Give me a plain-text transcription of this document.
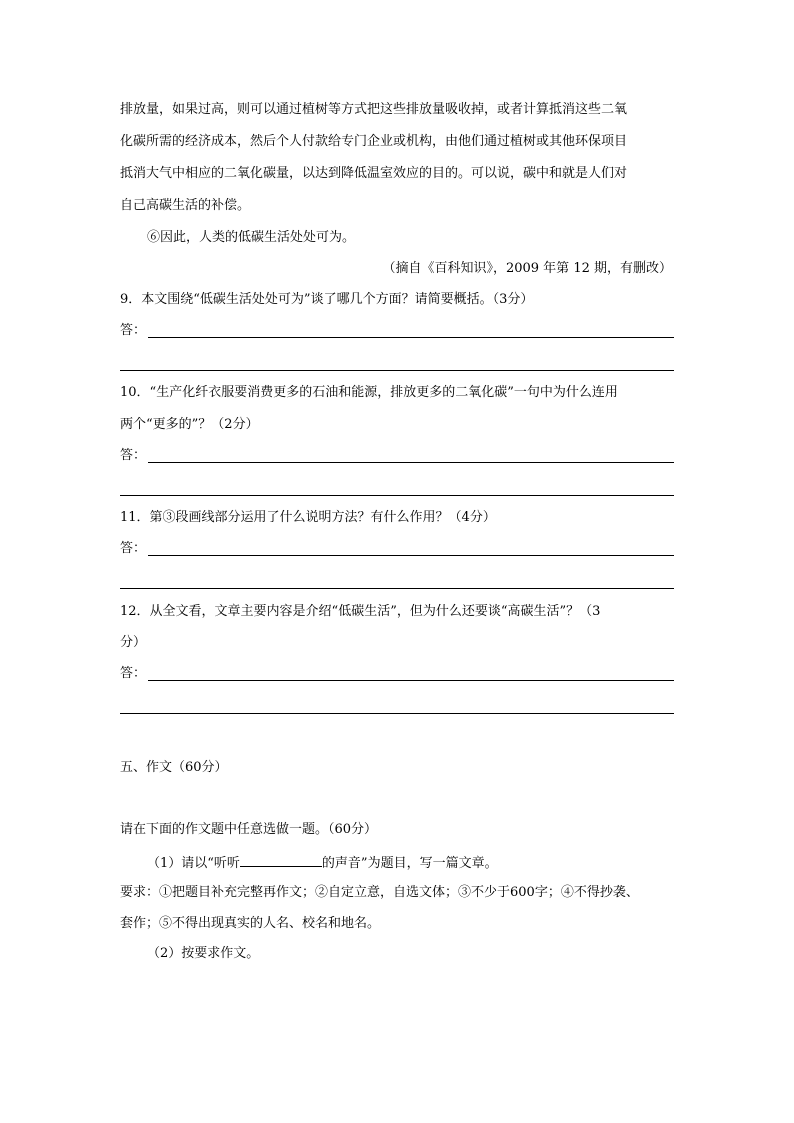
排放量，如果过高，则可以通过植树等方式把这些排放量吸收掉，或者计算抵消这些二氧
化碳所需的经济成本，然后个人付款给专门企业或机构，由他们通过植树或其他环保项目
抵消大气中相应的二氧化碳量，以达到降低温室效应的目的。可以说，碳中和就是人们对
自己高碳生活的补偿。
⑥因此，人类的低碳生活处处可为。
（摘自《百科知识》，2009 年第 12 期，有删改）
9．本文围绕“低碳生活处处可为”谈了哪几个方面？请简要概括。（3分）
答：
10．“生产化纤衣服要消费更多的石油和能源，排放更多的二氧化碳”一句中为什么连用
两个“更多的”？（2分）
答：
11．第③段画线部分运用了什么说明方法？有什么作用？（4分）
答：
12．从全文看，文章主要内容是介绍“低碳生活”，但为什么还要谈“高碳生活”？（3
分）
答：
五、作文（60分）
请在下面的作文题中任意选做一题。（60分）
（1）请以“听听	的声音”为题目，写一篇文章。
要求：①把题目补充完整再作文；②自定立意，自选文体；③不少于600字；④不得抄袭、
套作；⑤不得出现真实的人名、校名和地名。
（2）按要求作文。
